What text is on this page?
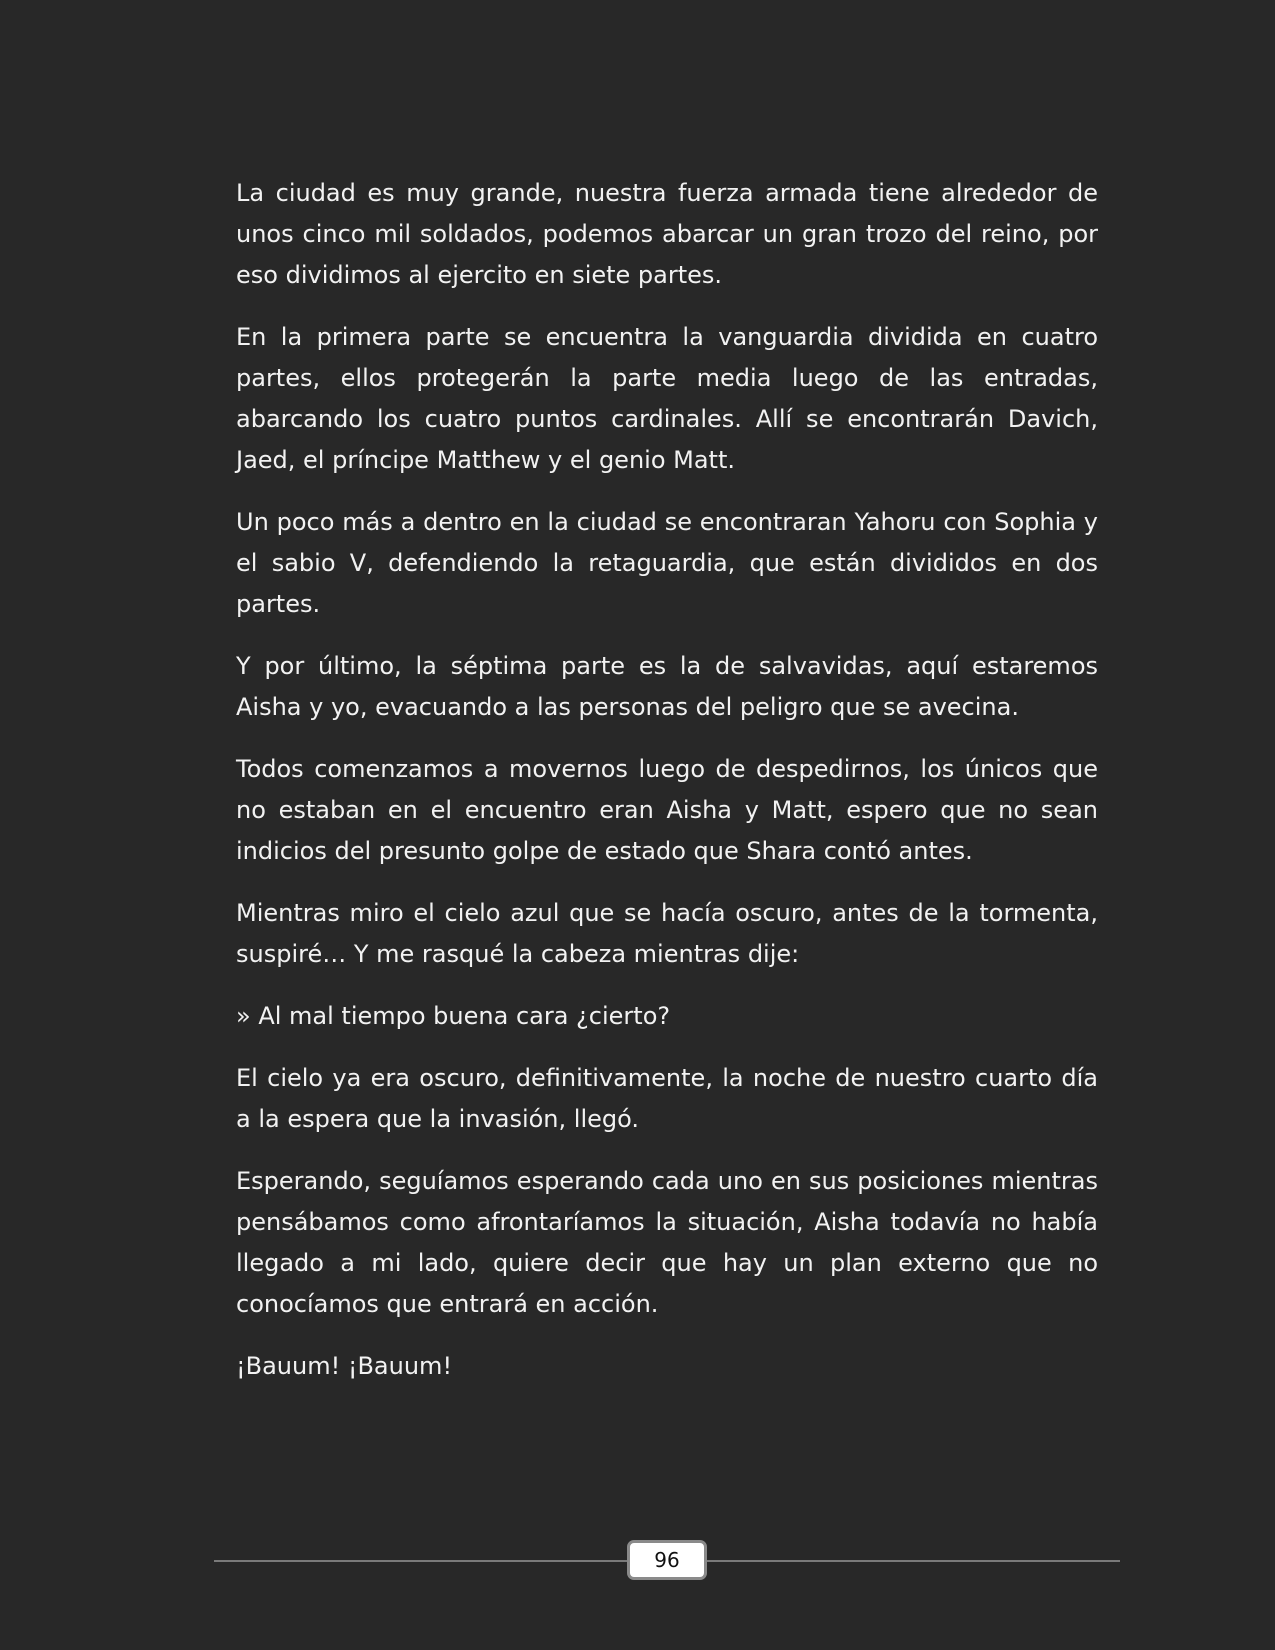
La ciudad es muy grande, nuestra fuerza armada tiene alrededor de unos cinco mil soldados, podemos abarcar un gran trozo del reino, por eso dividimos al ejercito en siete partes.

En la primera parte se encuentra la vanguardia dividida en cuatro partes, ellos protegerán la parte media luego de las entradas, abarcando los cuatro puntos cardinales. Allí se encontrarán Davich, Jaed, el príncipe Matthew y el genio Matt.

Un poco más a dentro en la ciudad se encontraran Yahoru con Sophia y el sabio V, defendiendo la retaguardia, que están divididos en dos partes.

Y por último, la séptima parte es la de salvavidas, aquí estaremos Aisha y yo, evacuando a las personas del peligro que se avecina.

Todos comenzamos a movernos luego de despedirnos, los únicos que no estaban en el encuentro eran Aisha y Matt, espero que no sean indicios del presunto golpe de estado que Shara contó antes.

Mientras miro el cielo azul que se hacía oscuro, antes de la tormenta, suspiré… Y me rasqué la cabeza mientras dije:

» Al mal tiempo buena cara ¿cierto?

El cielo ya era oscuro, definitivamente, la noche de nuestro cuarto día a la espera que la invasión, llegó.

Esperando, seguíamos esperando cada uno en sus posiciones mientras pensábamos como afrontaríamos la situación, Aisha todavía no había llegado a mi lado, quiere decir que hay un plan externo que no conocíamos que entrará en acción.

¡Bauum! ¡Bauum!

96
